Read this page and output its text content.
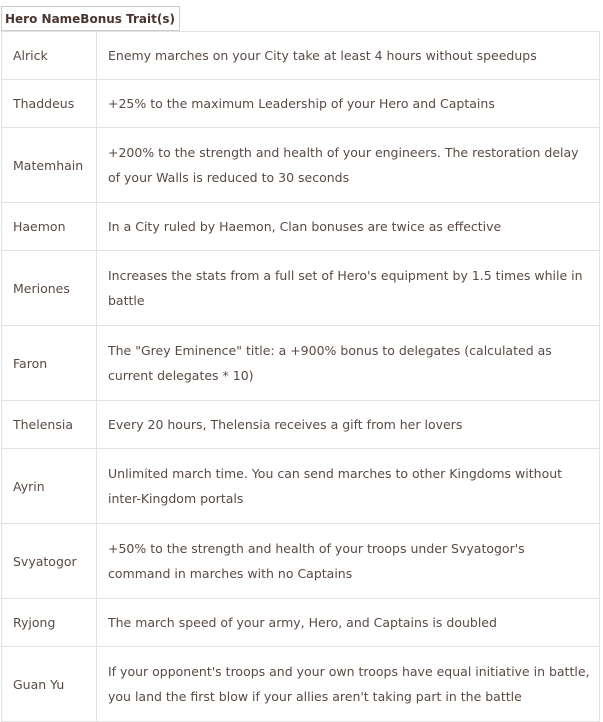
Hero NameBonus Trait(s)
Alrick	Enemy marches on your City take at least 4 hours without speedups
Thaddeus	+25% to the maximum Leadership of your Hero and Captains
Matemhain	+200% to the strength and health of your engineers. The restoration delay of your Walls is reduced to 30 seconds
Haemon	In a City ruled by Haemon, Clan bonuses are twice as effective
Meriones	Increases the stats from a full set of Hero's equipment by 1.5 times while in battle
Faron	The "Grey Eminence" title: a +900% bonus to delegates (calculated as current delegates * 10)
Thelensia	Every 20 hours, Thelensia receives a gift from her lovers
Ayrin	Unlimited march time. You can send marches to other Kingdoms without inter-Kingdom portals
Svyatogor	+50% to the strength and health of your troops under Svyatogor's command in marches with no Captains
Ryjong	The march speed of your army, Hero, and Captains is doubled
Guan Yu	If your opponent's troops and your own troops have equal initiative in battle, you land the first blow if your allies aren't taking part in the battle
